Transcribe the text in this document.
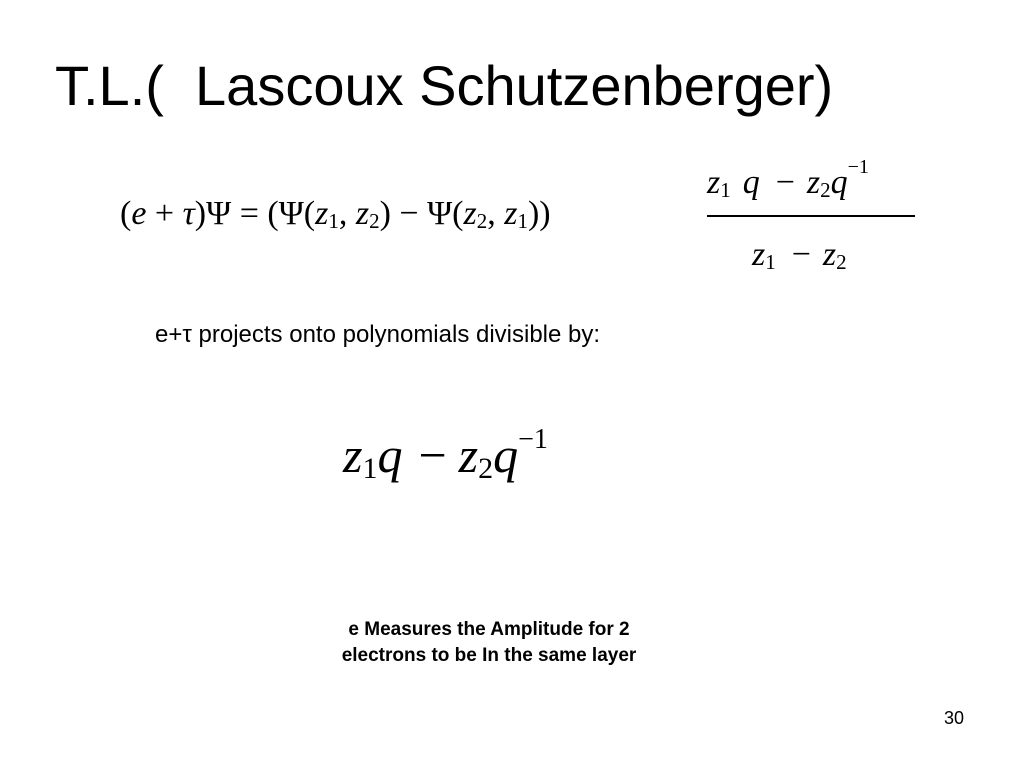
T.L.(  Lascoux Schutzenberger)
$(e + \tau)\Psi = (\Psi(z_1$, $z_2) - \Psi(z_2$, $z_1$))
$z_1$ $q - z_2q^{-1}$
$z_1 - z_2$
e+τ projects onto polynomials divisible by:
$z_1q - z_2q^{-1}$
e Measures the Amplitude for 2
electrons to be In the same layer
30
